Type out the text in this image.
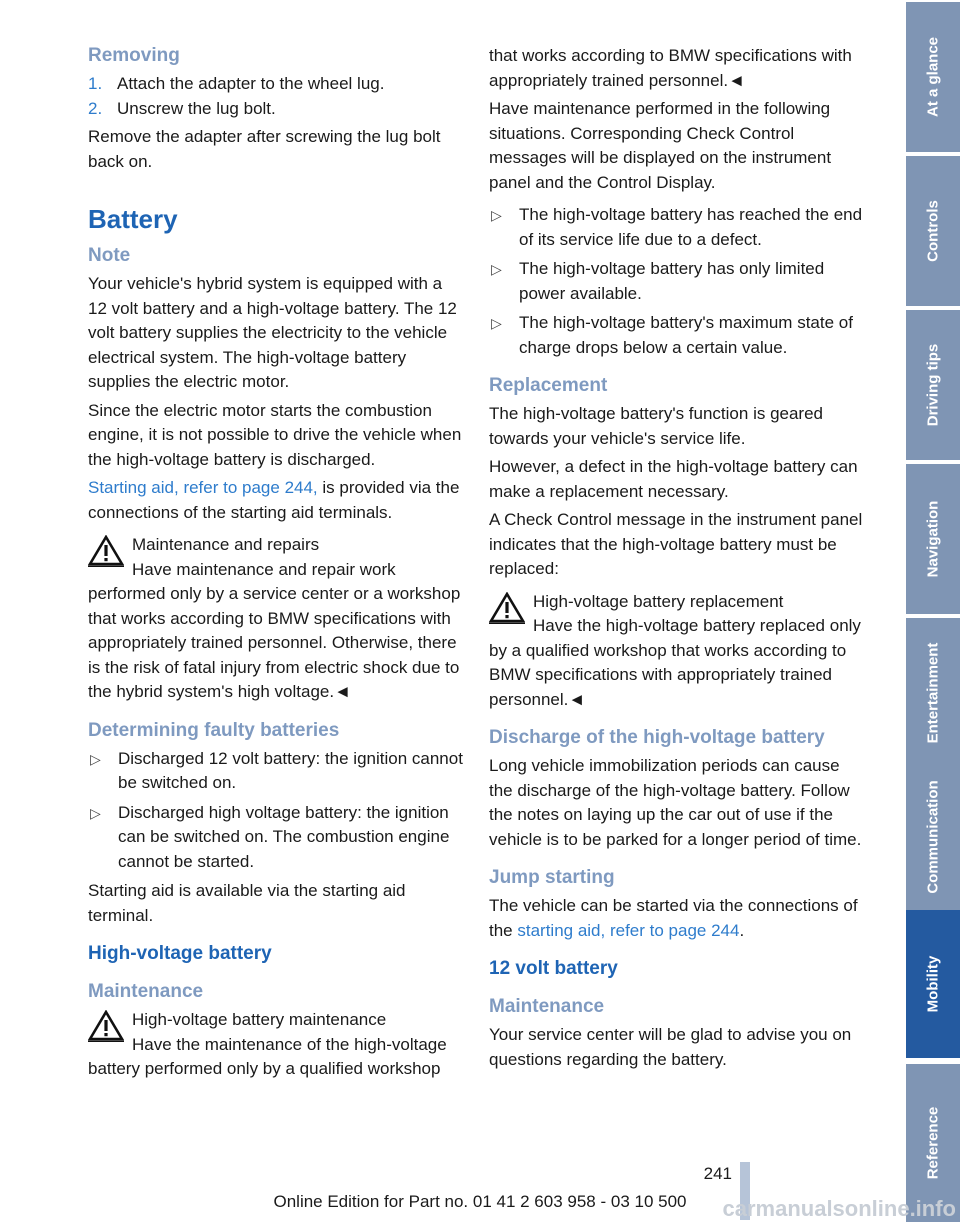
Removing
1. Attach the adapter to the wheel lug.
2. Unscrew the lug bolt.

Remove the adapter after screwing the lug bolt back on.

Battery
Note

Your vehicle's hybrid system is equipped with a 12 volt battery and a high-voltage battery. The 12 volt battery supplies the electricity to the vehicle electrical system. The high-voltage battery supplies the electric motor.

Since the electric motor starts the combustion engine, it is not possible to drive the vehicle when the high-voltage battery is discharged.

Starting aid, refer to page 244, is provided via the connections of the starting aid terminals.

Maintenance and repairs
Have maintenance and repair work performed only by a service center or a workshop that works according to BMW specifications with appropriately trained personnel. Otherwise, there is the risk of fatal injury from electric shock due to the hybrid system's high voltage.◄
Determining faulty batteries
▷ Discharged 12 volt battery: the ignition cannot be switched on.
▷ Discharged high voltage battery: the ignition can be switched on. The combustion engine cannot be started.

Starting aid is available via the starting aid terminal.

High-voltage battery
Maintenance
High-voltage battery maintenance
Have the maintenance of the high-voltage battery performed only by a qualified workshop

that works according to BMW specifications with appropriately trained personnel.◄

Have maintenance performed in the following situations. Corresponding Check Control messages will be displayed on the instrument panel and the Control Display.

▷ The high-voltage battery has reached the end of its service life due to a defect.
▷ The high-voltage battery has only limited power available.
▷ The high-voltage battery's maximum state of charge drops below a certain value.
Replacement

The high-voltage battery's function is geared towards your vehicle's service life.

However, a defect in the high-voltage battery can make a replacement necessary.

A Check Control message in the instrument panel indicates that the high-voltage battery must be replaced:

High-voltage battery replacement
Have the high-voltage battery replaced only by a qualified workshop that works according to BMW specifications with appropriately trained personnel.◄
Discharge of the high-voltage battery

Long vehicle immobilization periods can cause the discharge of the high-voltage battery. Follow the notes on laying up the car out of use if the vehicle is to be parked for a longer period of time.

Jump starting

The vehicle can be started via the connections of the starting aid, refer to page 244.

12 volt battery
Maintenance

Your service center will be glad to advise you on questions regarding the battery.

At a glance
Controls
Driving tips
Navigation
Entertainment
Communication
Mobility
Reference
241
Online Edition for Part no. 01 41 2 603 958 - 03 10 500	carmanualsonline.info
